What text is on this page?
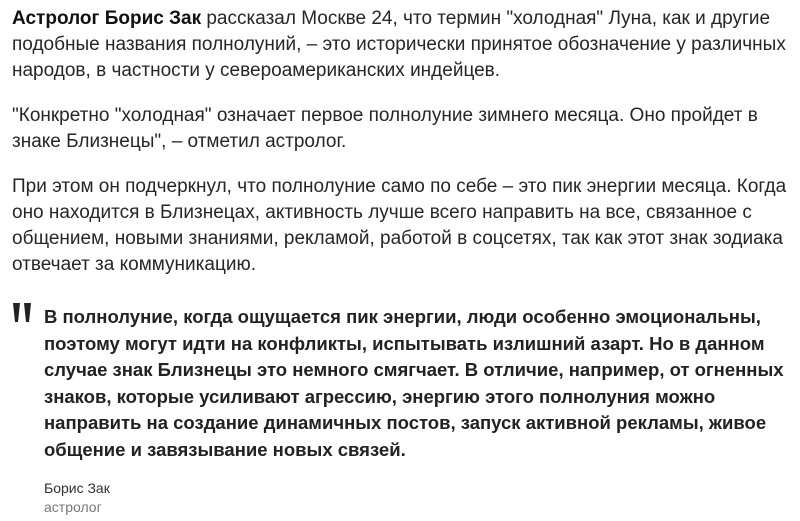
Астролог Борис Зак рассказал Москве 24, что термин "холодная" Луна, как и другие подобные названия полнолуний, – это исторически принятое обозначение у различных народов, в частности у североамериканских индейцев.

"Конкретно "холодная" означает первое полнолуние зимнего месяца. Оно пройдет в знаке Близнецы", – отметил астролог.

При этом он подчеркнул, что полнолуние само по себе – это пик энергии месяца. Когда оно находится в Близнецах, активность лучше всего направить на все, связанное с общением, новыми знаниями, рекламой, работой в соцсетях, так как этот знак зодиака отвечает за коммуникацию.

В полнолуние, когда ощущается пик энергии, люди особенно эмоциональны, поэтому могут идти на конфликты, испытывать излишний азарт. Но в данном случае знак Близнецы это немного смягчает. В отличие, например, от огненных знаков, которые усиливают агрессию, энергию этого полнолуния можно направить на создание динамичных постов, запуск активной рекламы, живое общение и завязывание новых связей.

Борис Зак
астролог
